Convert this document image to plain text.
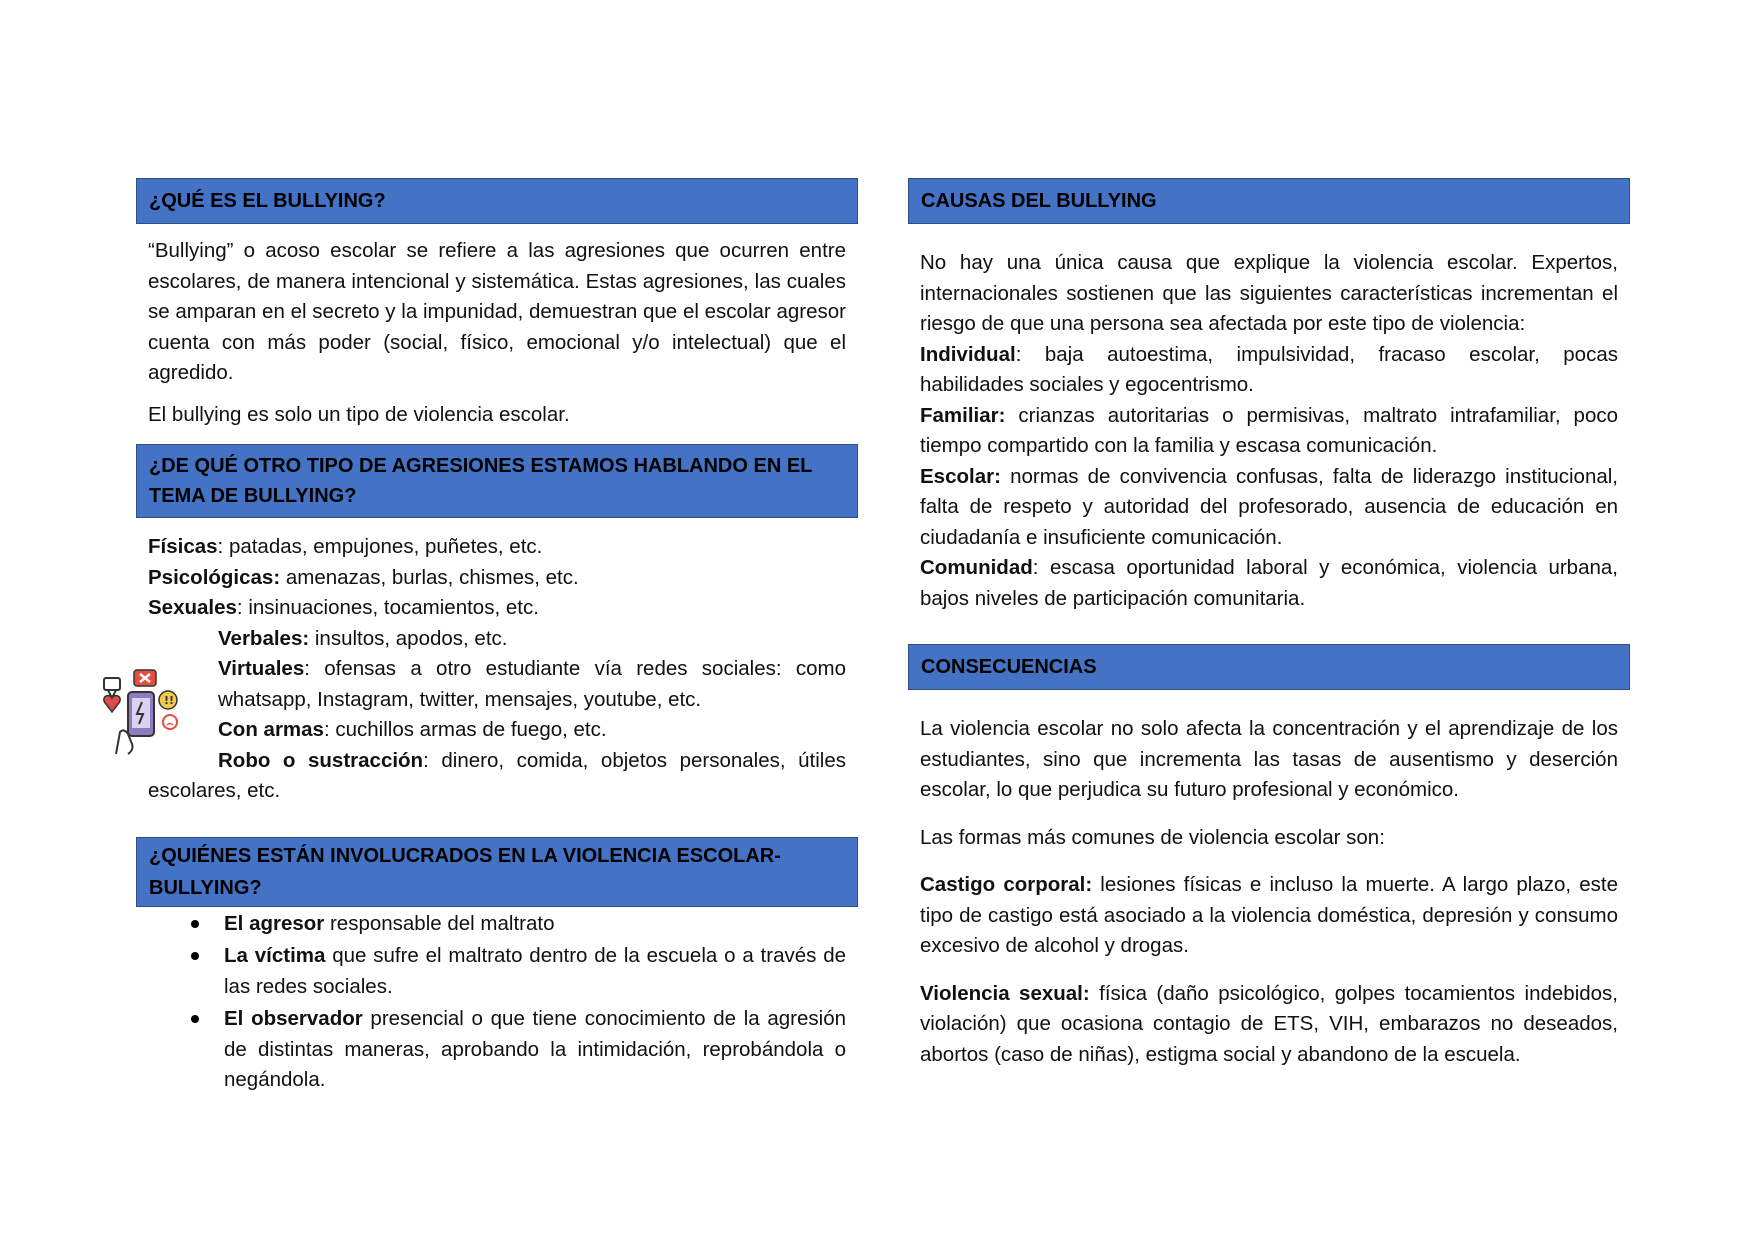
¿QUÉ ES EL BULLYING?

“Bullying” o acoso escolar se refiere a las agresiones que ocurren entre escolares, de manera intencional y sistemática. Estas agresiones, las cuales se amparan en el secreto y la impunidad, demuestran que el escolar agresor cuenta con más poder (social, físico, emocional y/o intelectual) que el agredido.

El bullying es solo un tipo de violencia escolar.

¿DE QUÉ OTRO TIPO DE AGRESIONES ESTAMOS HABLANDO EN EL TEMA DE BULLYING?

Físicas: patadas, empujones, puñetes, etc.

Psicológicas: amenazas, burlas, chismes, etc.

Sexuales: insinuaciones, tocamientos, etc.

Verbales: insultos, apodos, etc.

Virtuales: ofensas a otro estudiante vía redes sociales: como whatsapp, Instagram, twitter, mensajes, youtube, etc.

Con armas: cuchillos armas de fuego, etc.

Robo o sustracción: dinero, comida, objetos personales, útiles escolares, etc.

¿QUIÉNES ESTÁN INVOLUCRADOS EN LA VIOLENCIA ESCOLAR-BULLYING?
El agresor responsable del maltrato
La víctima que sufre el maltrato dentro de la escuela o a través de las redes sociales.
El observador presencial o que tiene conocimiento de la agresión de distintas maneras, aprobando la intimidación, reprobándola o negándola.
!!
CAUSAS DEL BULLYING

No hay una única causa que explique la violencia escolar. Expertos, internacionales sostienen que las siguientes características incrementan el riesgo de que una persona sea afectada por este tipo de violencia:

Individual: baja autoestima, impulsividad, fracaso escolar, pocas habilidades sociales y egocentrismo.

Familiar: crianzas autoritarias o permisivas, maltrato intrafamiliar, poco tiempo compartido con la familia y escasa comunicación.

Escolar: normas de convivencia confusas, falta de liderazgo institucional, falta de respeto y autoridad del profesorado, ausencia de educación en ciudadanía e insuficiente comunicación.

Comunidad: escasa oportunidad laboral y económica, violencia urbana, bajos niveles de participación comunitaria.

CONSECUENCIAS

La violencia escolar no solo afecta la concentración y el aprendizaje de los estudiantes, sino que incrementa las tasas de ausentismo y deserción escolar, lo que perjudica su futuro profesional y económico.

Las formas más comunes de violencia escolar son:

Castigo corporal: lesiones físicas e incluso la muerte. A largo plazo, este tipo de castigo está asociado a la violencia doméstica, depresión y consumo excesivo de alcohol y drogas.

Violencia sexual: física (daño psicológico, golpes tocamientos indebidos, violación) que ocasiona contagio de ETS, VIH, embarazos no deseados, abortos (caso de niñas), estigma social y abandono de la escuela.
